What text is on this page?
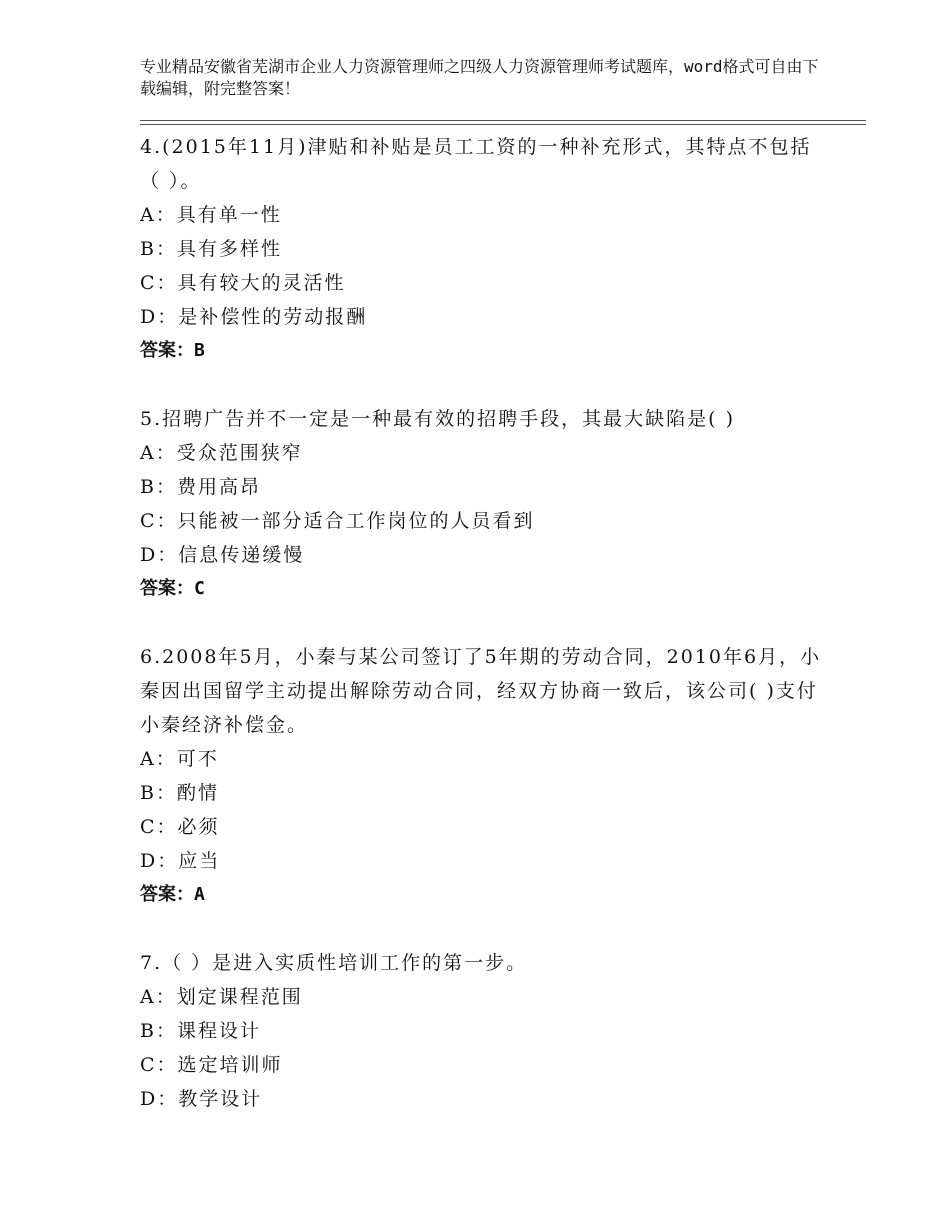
专业精品安徽省芜湖市企业人力资源管理师之四级人力资源管理师考试题库，word格式可自由下载编辑，附完整答案！

4.(2015年11月)津贴和补贴是员工工资的一种补充形式，其特点不包括（ ）。

A：具有单一性

B：具有多样性

C：具有较大的灵活性

D：是补偿性的劳动报酬

答案：B

5.招聘广告并不一定是一种最有效的招聘手段，其最大缺陷是( )

A：受众范围狭窄

B：费用高昂

C：只能被一部分适合工作岗位的人员看到

D：信息传递缓慢

答案：C

6.2008年5月，小秦与某公司签订了5年期的劳动合同，2010年6月，小秦因出国留学主动提出解除劳动合同，经双方协商一致后，该公司( )支付小秦经济补偿金。

A：可不

B：酌情

C：必须

D：应当

答案：A

7.（ ）是进入实质性培训工作的第一步。

A：划定课程范围

B：课程设计

C：选定培训师

D：教学设计
